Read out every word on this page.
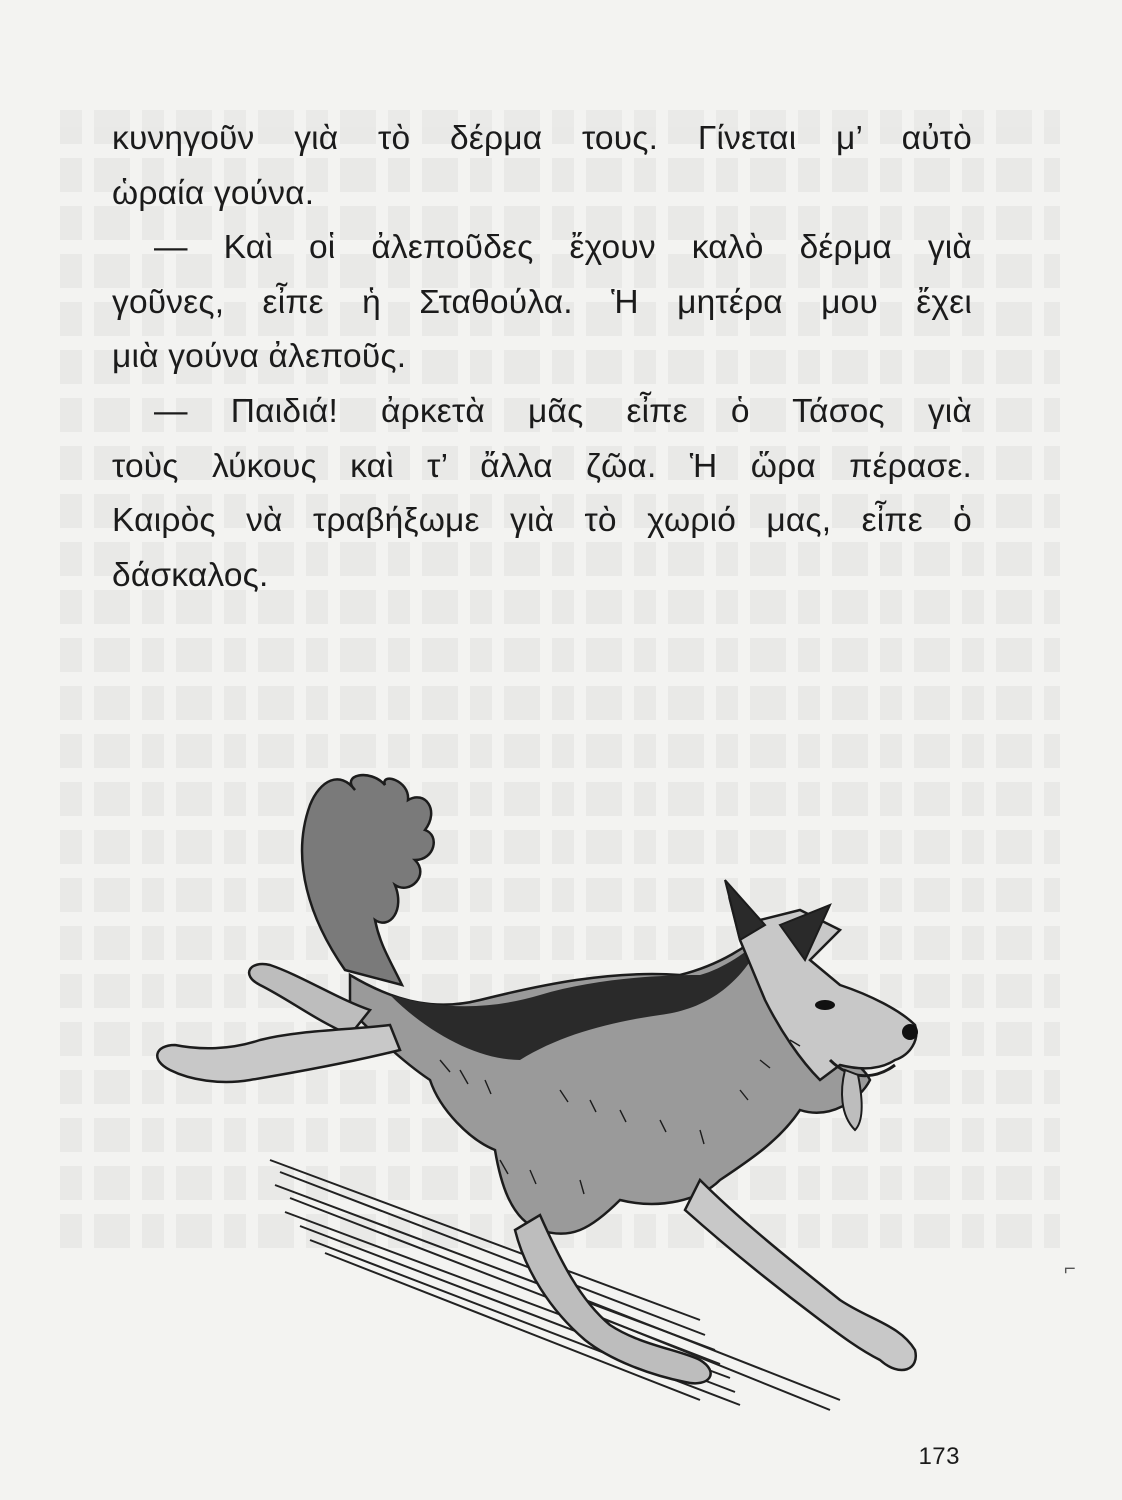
κυνηγοῦν γιὰ τὸ δέρμα τους. Γίνεται μ’ αὐτὸ
ὡραία γούνα.
— Καὶ οἱ ἀλεποῦδες ἔχουν καλὸ δέρμα γιὰ
γοῦνες, εἶπε ἡ Σταθούλα. Ἡ μητέρα μου ἔχει
μιὰ γούνα ἀλεποῦς.
— Παιδιά! ἀρκετὰ μᾶς εἶπε ὁ Τάσος γιὰ
τοὺς λύκους καὶ τ’ ἄλλα ζῶα. Ἡ ὥρα πέρασε.
Καιρὸς νὰ τραβήξωμε γιὰ τὸ χωριό μας, εἶπε ὁ
δάσκαλος.
173
⌐
